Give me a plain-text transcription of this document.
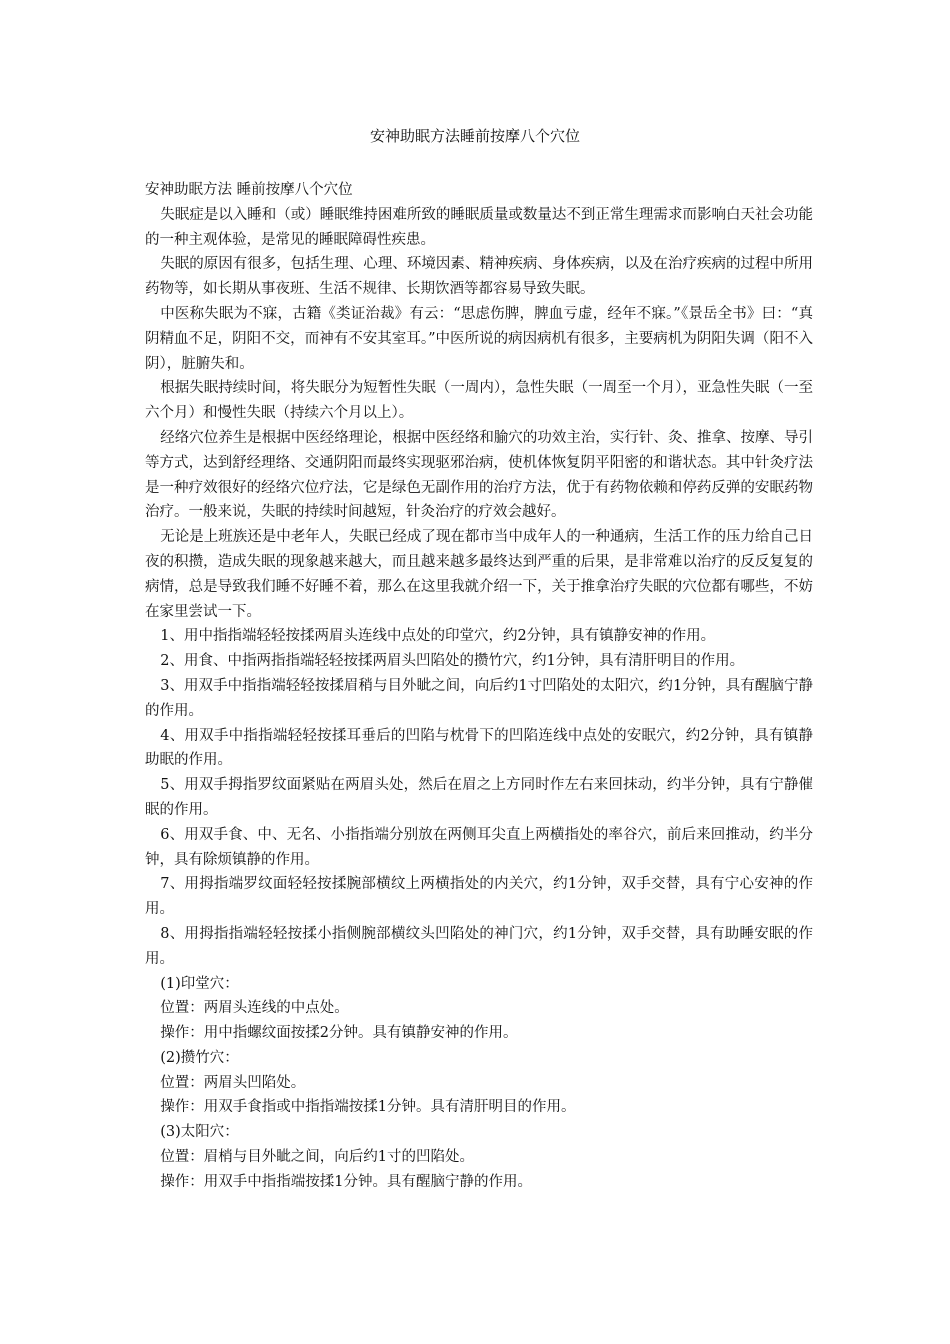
安神助眠方法睡前按摩八个穴位

安神助眠方法 睡前按摩八个穴位

失眠症是以入睡和（或）睡眠维持困难所致的睡眠质量或数量达不到正常生理需求而影响白天社会功能的一种主观体验，是常见的睡眠障碍性疾患。

失眠的原因有很多，包括生理、心理、环境因素、精神疾病、身体疾病，以及在治疗疾病的过程中所用药物等，如长期从事夜班、生活不规律、长期饮酒等都容易导致失眠。

中医称失眠为不寐，古籍《类证治裁》有云：“思虑伤脾，脾血亏虚，经年不寐。”《景岳全书》曰：“真阴精血不足，阴阳不交，而神有不安其室耳。”中医所说的病因病机有很多，主要病机为阴阳失调（阳不入阴），脏腑失和。

根据失眠持续时间，将失眠分为短暂性失眠（一周内），急性失眠（一周至一个月），亚急性失眠（一至六个月）和慢性失眠（持续六个月以上）。

经络穴位养生是根据中医经络理论，根据中医经络和腧穴的功效主治，实行针、灸、推拿、按摩、导引等方式，达到舒经理络、交通阴阳而最终实现驱邪治病，使机体恢复阴平阳密的和谐状态。其中针灸疗法是一种疗效很好的经络穴位疗法，它是绿色无副作用的治疗方法，优于有药物依赖和停药反弹的安眠药物治疗。一般来说，失眠的持续时间越短，针灸治疗的疗效会越好。

无论是上班族还是中老年人，失眠已经成了现在都市当中成年人的一种通病，生活工作的压力给自己日夜的积攒，造成失眠的现象越来越大，而且越来越多最终达到严重的后果，是非常难以治疗的反反复复的病情，总是导致我们睡不好睡不着，那么在这里我就介绍一下，关于推拿治疗失眠的穴位都有哪些，不妨在家里尝试一下。

1、用中指指端轻轻按揉两眉头连线中点处的印堂穴，约2分钟，具有镇静安神的作用。

2、用食、中指两指指端轻轻按揉两眉头凹陷处的攒竹穴，约1分钟，具有清肝明目的作用。

3、用双手中指指端轻轻按揉眉稍与目外眦之间，向后约1寸凹陷处的太阳穴，约1分钟，具有醒脑宁静的作用。

4、用双手中指指端轻轻按揉耳垂后的凹陷与枕骨下的凹陷连线中点处的安眠穴，约2分钟，具有镇静助眠的作用。

5、用双手拇指罗纹面紧贴在两眉头处，然后在眉之上方同时作左右来回抹动，约半分钟，具有宁静催眠的作用。

6、用双手食、中、无名、小指指端分别放在两侧耳尖直上两横指处的率谷穴，前后来回推动，约半分钟，具有除烦镇静的作用。

7、用拇指端罗纹面轻轻按揉腕部横纹上两横指处的内关穴，约1分钟，双手交替，具有宁心安神的作用。

8、用拇指指端轻轻按揉小指侧腕部横纹头凹陷处的神门穴，约1分钟，双手交替，具有助睡安眠的作用。

(1)印堂穴：

位置：两眉头连线的中点处。

操作：用中指螺纹面按揉2分钟。具有镇静安神的作用。

(2)攒竹穴：

位置：两眉头凹陷处。

操作：用双手食指或中指指端按揉1分钟。具有清肝明目的作用。

(3)太阳穴：

位置：眉梢与目外眦之间，向后约1寸的凹陷处。

操作：用双手中指指端按揉1分钟。具有醒脑宁静的作用。
